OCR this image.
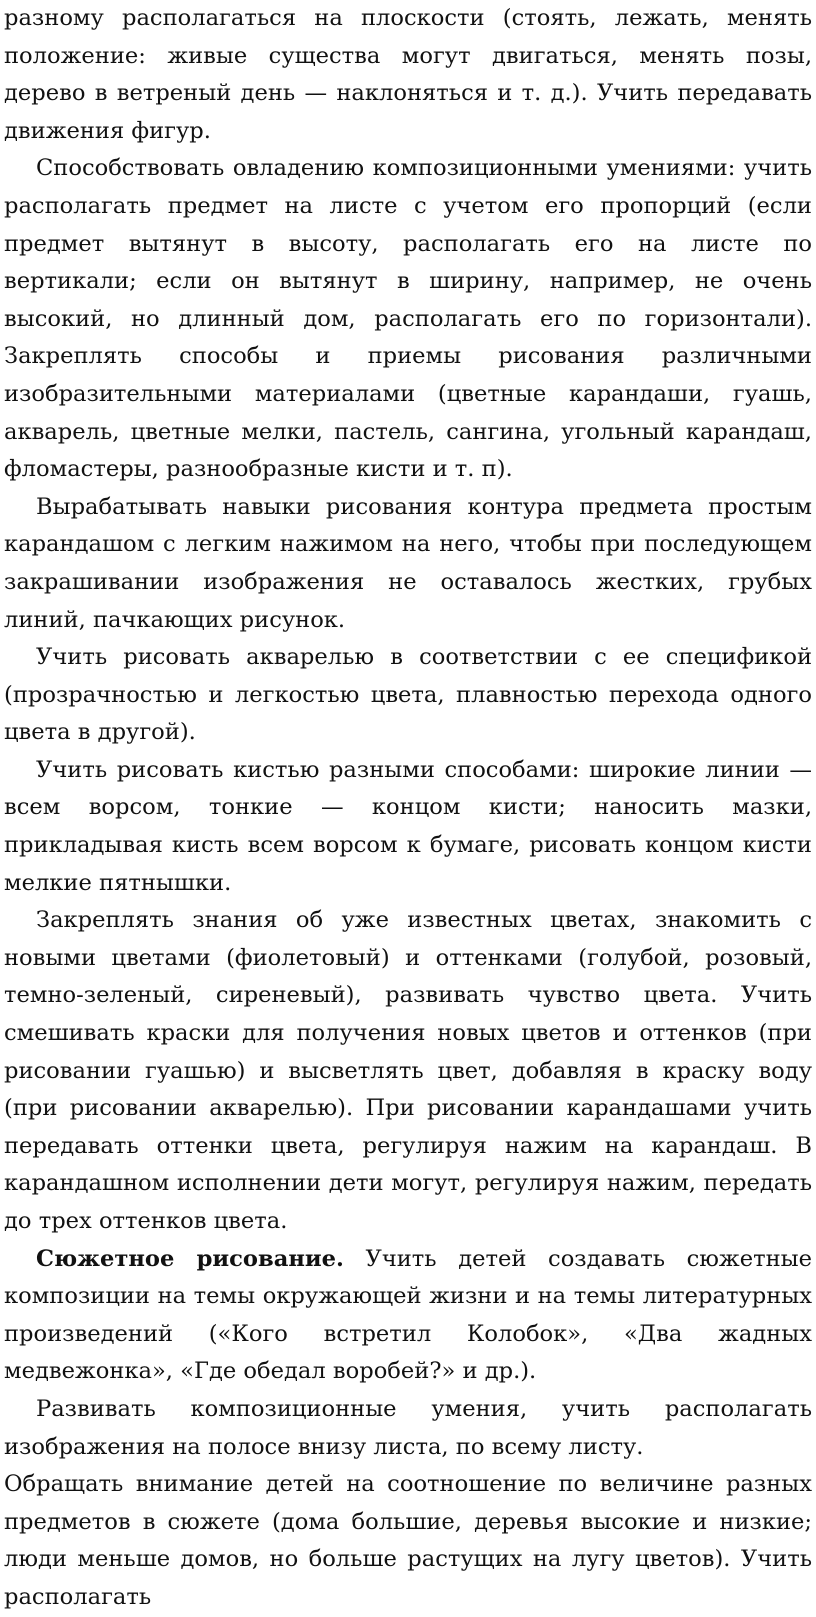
разному располагаться на плоскости (стоять, лежать, менять положение: живые существа могут двигаться, менять позы, дерево в ветреный день — наклоняться и т. д.). Учить передавать движения фигур.

Способствовать овладению композиционными умениями: учить располагать предмет на листе с учетом его пропорций (если предмет вытянут в высоту, располагать его на листе по вертикали; если он вытянут в ширину, например, не очень высокий, но длинный дом, располагать его по горизонтали). Закреплять способы и приемы рисования различными изобразительными материалами (цветные карандаши, гуашь, акварель, цветные мелки, пастель, сангина, угольный карандаш, фломастеры, разнообразные кисти и т. п).

Вырабатывать навыки рисования контура предмета простым карандашом с легким нажимом на него, чтобы при последующем закрашивании изображения не оставалось жестких, грубых линий, пачкающих рисунок.

Учить рисовать акварелью в соответствии с ее спецификой (прозрачностью и легкостью цвета, плавностью перехода одного цвета в другой).

Учить рисовать кистью разными способами: широкие линии — всем ворсом, тонкие — концом кисти; наносить мазки, прикладывая кисть всем ворсом к бумаге, рисовать концом кисти мелкие пятнышки.

Закреплять знания об уже известных цветах, знакомить с новыми цветами (фиолетовый) и оттенками (голубой, розовый, темно-зеленый, сиреневый), развивать чувство цвета. Учить смешивать краски для получения новых цветов и оттенков (при рисовании гуашью) и высветлять цвет, добавляя в краску воду (при рисовании акварелью). При рисовании карандашами учить передавать оттенки цвета, регулируя нажим на карандаш. В карандашном исполнении дети могут, регулируя нажим, передать до трех оттенков цвета.

Сюжетное рисование. Учить детей создавать сюжетные композиции на темы окружающей жизни и на темы литературных произведений («Кого встретил Колобок», «Два жадных медвежонка», «Где обедал воробей?» и др.).

Развивать композиционные умения, учить располагать изображения на полосе внизу листа, по всему листу.

Обращать внимание детей на соотношение по величине разных предметов в сюжете (дома большие, деревья высокие и низкие; люди меньше домов, но больше растущих на лугу цветов). Учить располагать
